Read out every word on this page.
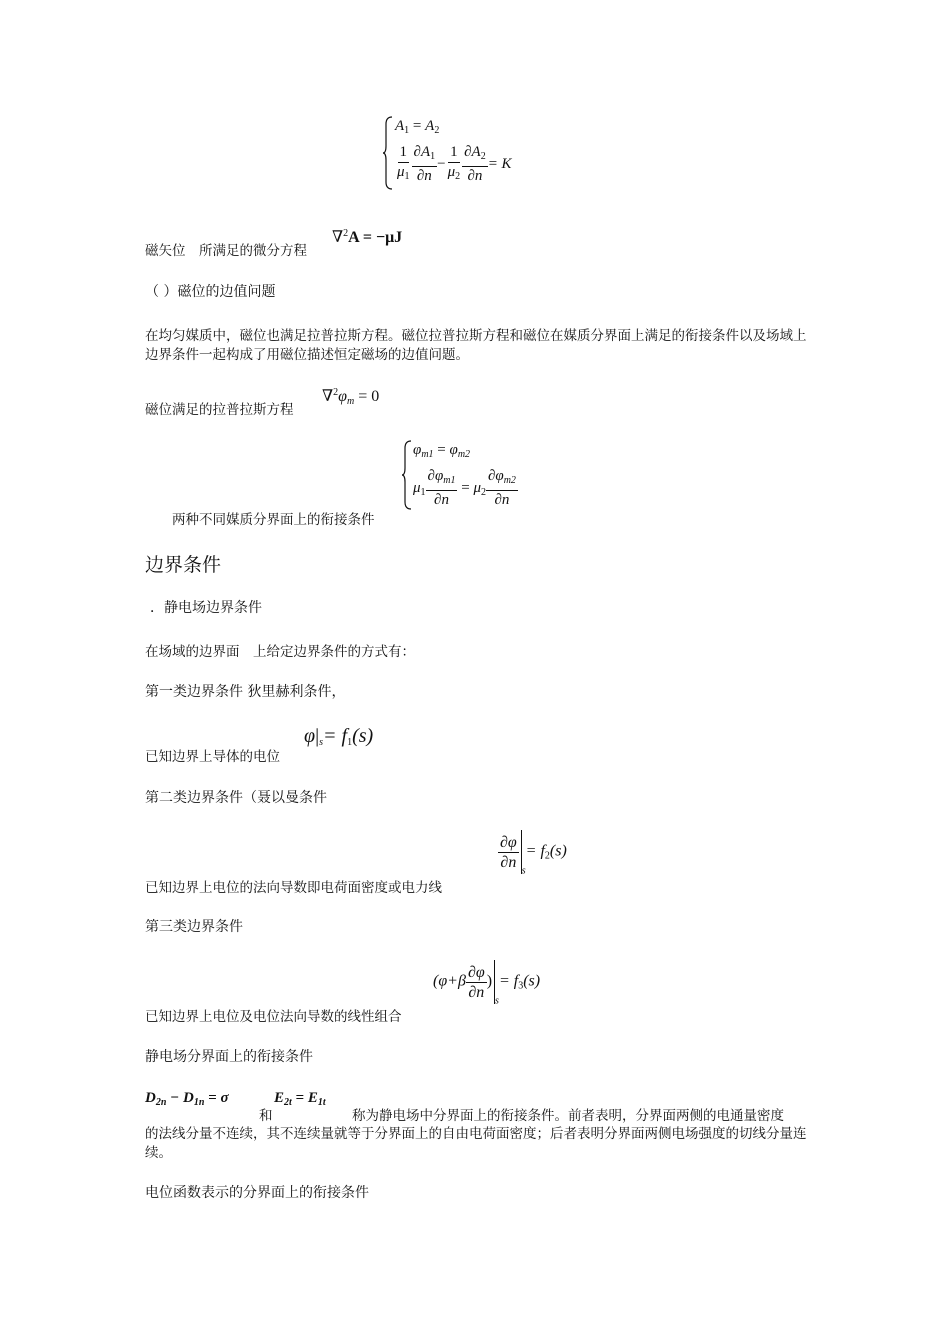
$A_1 = A_2$
$\frac{1}{\mu_1} \frac{\partial A_1}{\partial n} - \frac{1}{\mu_2} \frac{\partial A_2}{\partial n} = K$
∇$^2$A = −μJ
磁矢位　所满足的微分方程
（ ）磁位的边值问题
在均匀媒质中，磁位也满足拉普拉斯方程。磁位拉普拉斯方程和磁位在媒质分界面上满足的衔接条件以及场域上边界条件一起构成了用磁位描述恒定磁场的边值问题。
$\nabla^2\varphi_m = 0$
磁位满足的拉普拉斯方程
$\varphi_{m1} = \varphi_{m2}$
$\mu_1 \frac{\partial\varphi_{m1}}{\partial n} = \mu_2 \frac{\partial\varphi_{m2}}{\partial n}$
两种不同媒质分界面上的衔接条件
边界条件
．静电场边界条件
在场域的边界面　上给定边界条件的方式有：
第一类边界条件 狄里赫利条件，
$\varphi|_s= f_1(s)$
已知边界上导体的电位
第二类边界条件（聂以曼条件
$\frac{\partial\varphi}{\partial n}$
$_s= f_2(s)$
已知边界上电位的法向导数即电荷面密度或电力线
第三类边界条件
$(\varphi+\beta \frac{\partial\varphi}{\partial n} )_s= f_3(s)$
已知边界上电位及电位法向导数的线性组合
静电场分界面上的衔接条件
$D_{2n} - D_{1n} = \sigma$
和
$E_{2t} = E_{1t}$
称为静电场中分界面上的衔接条件。前者表明，分界面两侧的电通量密度
的法线分量不连续，其不连续量就等于分界面上的自由电荷面密度；后者表明分界面两侧电场强度的切线分量连续。
电位函数表示的分界面上的衔接条件
